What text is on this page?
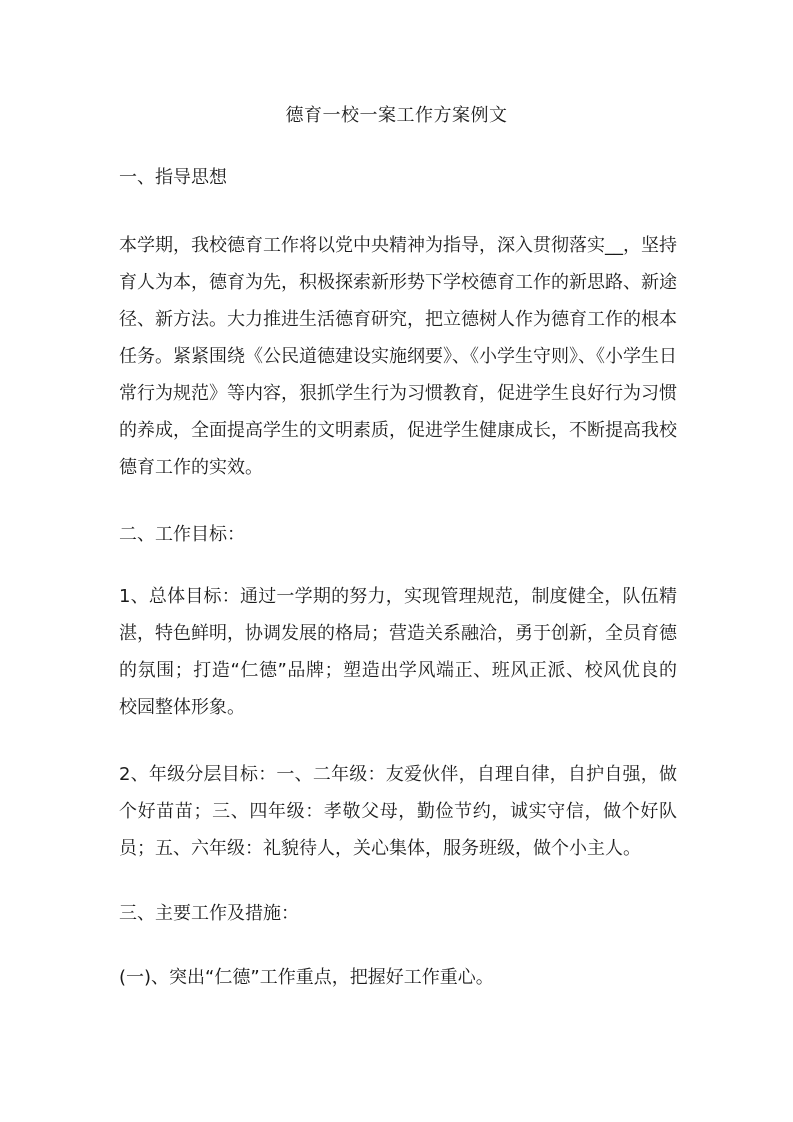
德育一校一案工作方案例文

一、指导思想

本学期，我校德育工作将以党中央精神为指导，深入贯彻落实__，坚持育人为本，德育为先，积极探索新形势下学校德育工作的新思路、新途径、新方法。大力推进生活德育研究，把立德树人作为德育工作的根本任务。紧紧围绕《公民道德建设实施纲要》、《小学生守则》、《小学生日常行为规范》等内容，狠抓学生行为习惯教育，促进学生良好行为习惯的养成，全面提高学生的文明素质，促进学生健康成长，不断提高我校德育工作的实效。

二、工作目标：

1、总体目标：通过一学期的努力，实现管理规范，制度健全，队伍精湛，特色鲜明，协调发展的格局；营造关系融洽，勇于创新，全员育德的氛围；打造“仁德”品牌；塑造出学风端正、班风正派、校风优良的校园整体形象。

2、年级分层目标：一、二年级：友爱伙伴，自理自律，自护自强，做个好苗苗；三、四年级：孝敬父母，勤俭节约，诚实守信，做个好队员；五、六年级：礼貌待人，关心集体，服务班级，做个小主人。

三、主要工作及措施：

(一)、突出“仁德”工作重点，把握好工作重心。
